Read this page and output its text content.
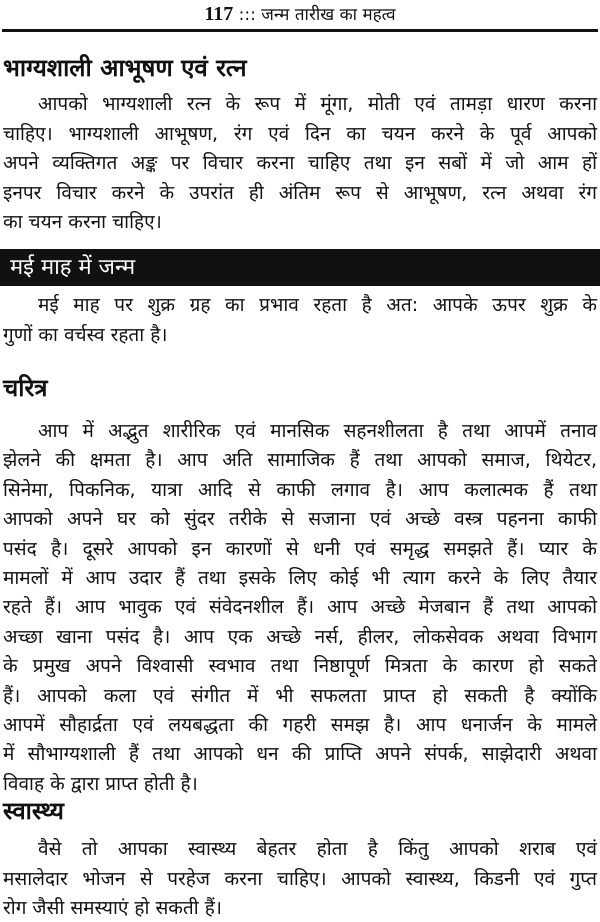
117 ::: जन्म तारीख का महत्व
भाग्यशाली आभूषण एवं रत्न
आपको भाग्यशाली रत्न के रूप में मूंगा, मोती एवं तामड़ा धारण करना
चाहिए। भाग्यशाली आभूषण, रंग एवं दिन का चयन करने के पूर्व आपको
अपने व्यक्तिगत अङ्क पर विचार करना चाहिए तथा इन सबों में जो आम हों
इनपर विचार करने के उपरांत ही अंतिम रूप से आभूषण, रत्न अथवा रंग
का चयन करना चाहिए।
मई माह में जन्म
मई माह पर शुक्र ग्रह का प्रभाव रहता है अत: आपके ऊपर शुक्र के
गुणों का वर्चस्व रहता है।
चरित्र
आप में अद्भुत शारीरिक एवं मानसिक सहनशीलता है तथा आपमें तनाव
झेलने की क्षमता है। आप अति सामाजिक हैं तथा आपको समाज, थियेटर,
सिनेमा, पिकनिक, यात्रा आदि से काफी लगाव है। आप कलात्मक हैं तथा
आपको अपने घर को सुंदर तरीके से सजाना एवं अच्छे वस्त्र पहनना काफी
पसंद है। दूसरे आपको इन कारणों से धनी एवं समृद्ध समझते हैं। प्यार के
मामलों में आप उदार हैं तथा इसके लिए कोई भी त्याग करने के लिए तैयार
रहते हैं। आप भावुक एवं संवेदनशील हैं। आप अच्छे मेजबान हैं तथा आपको
अच्छा खाना पसंद है। आप एक अच्छे नर्स, हीलर, लोकसेवक अथवा विभाग
के प्रमुख अपने विश्वासी स्वभाव तथा निष्ठापूर्ण मित्रता के कारण हो सकते
हैं। आपको कला एवं संगीत में भी सफलता प्राप्त हो सकती है क्योंकि
आपमें सौहार्द्रता एवं लयबद्धता की गहरी समझ है। आप धनार्जन के मामले
में सौभाग्यशाली हैं तथा आपको धन की प्राप्ति अपने संपर्क, साझेदारी अथवा
विवाह के द्वारा प्राप्त होती है।
स्वास्थ्य
वैसे तो आपका स्वास्थ्य बेहतर होता है किंतु आपको शराब एवं
मसालेदार भोजन से परहेज करना चाहिए। आपको स्वास्थ्य, किडनी एवं गुप्त
रोग जैसी समस्याएं हो सकती हैं।
